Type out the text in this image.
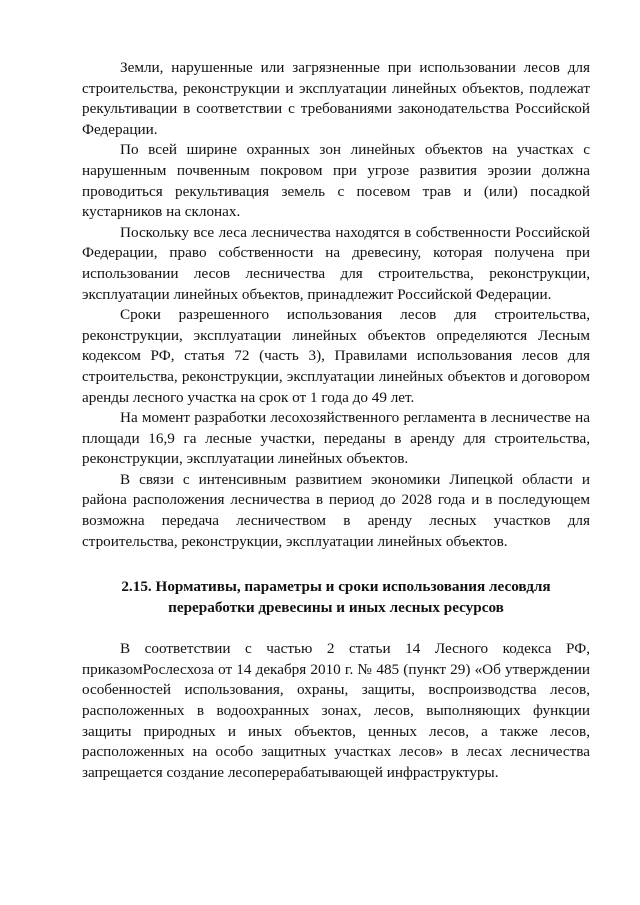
Земли, нарушенные или загрязненные при использовании лесов для строительства, реконструкции и эксплуатации линейных объектов, подлежат рекультивации в соответствии с требованиями законодательства Российской Федерации.

По всей ширине охранных зон линейных объектов на участках с нарушенным почвенным покровом при угрозе развития эрозии должна проводиться рекультивация земель с посевом трав и (или) посадкой кустарников на склонах.

Поскольку все леса лесничества находятся в собственности Российской Федерации, право собственности на древесину, которая получена при использовании лесов лесничества для строительства, реконструкции, эксплуатации линейных объектов, принадлежит Российской Федерации.

Сроки разрешенного использования лесов для строительства, реконструкции, эксплуатации линейных объектов определяются Лесным кодексом РФ, статья 72 (часть 3), Правилами использования лесов для строительства, реконструкции, эксплуатации линейных объектов и договором аренды лесного участка на срок от 1 года до 49 лет.

На момент разработки лесохозяйственного регламента в лесничестве на площади 16,9 га лесные участки, переданы в аренду для строительства, реконструкции, эксплуатации линейных объектов.

В связи с интенсивным развитием экономики Липецкой области и района расположения лесничества в период до 2028 года и в последующем возможна передача лесничеством в аренду лесных участков для строительства, реконструкции, эксплуатации линейных объектов.

2.15. Нормативы, параметры и сроки использования лесовдля
переработки древесины и иных лесных ресурсов

В соответствии с частью 2 статьи 14 Лесного кодекса РФ, приказомРослесхоза от 14 декабря 2010 г. № 485 (пункт 29) «Об утверждении особенностей использования, охраны, защиты, воспроизводства лесов, расположенных в водоохранных зонах, лесов, выполняющих функции защиты природных и иных объектов, ценных лесов, а также лесов, расположенных на особо защитных участках лесов» в лесах лесничества запрещается создание лесоперерабатывающей инфраструктуры.
